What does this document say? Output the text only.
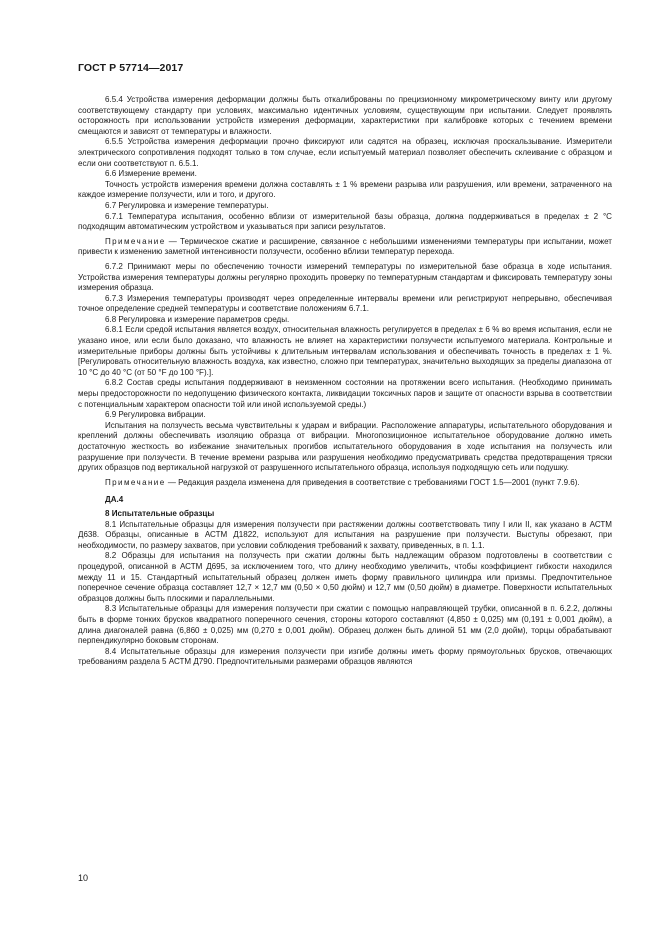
ГОСТ Р 57714—2017

6.5.4 Устройства измерения деформации должны быть откалиброваны по прецизионному микрометрическому винту или другому соответствующему стандарту при условиях, максимально идентичных условиям, существующим при испытании. Следует проявлять осторожность при использовании устройств измерения деформации, характеристики при калибровке которых с течением времени смещаются и зависят от температуры и влажности.

6.5.5 Устройства измерения деформации прочно фиксируют или садятся на образец, исключая проскальзывание. Измерители электрического сопротивления подходят только в том случае, если испытуемый материал позволяет обеспечить склеивание с образцом и если они соответствуют п. 6.5.1.

6.6 Измерение времени.

Точность устройств измерения времени должна составлять ± 1 % времени разрыва или разрушения, или времени, затраченного на каждое измерение ползучести, или и того, и другого.

6.7 Регулировка и измерение температуры.

6.7.1 Температура испытания, особенно вблизи от измерительной базы образца, должна поддерживаться в пределах ± 2 °C подходящим автоматическим устройством и указываться при записи результатов.

Примечание — Термическое сжатие и расширение, связанное с небольшими изменениями температуры при испытании, может привести к изменению заметной интенсивности ползучести, особенно вблизи температур перехода.

6.7.2 Принимают меры по обеспечению точности измерений температуры по измерительной базе образца в ходе испытания. Устройства измерения температуры должны регулярно проходить проверку по температурным стандартам и фиксировать температуру зоны измерения образца.

6.7.3 Измерения температуры производят через определенные интервалы времени или регистрируют непрерывно, обеспечивая точное определение средней температуры и соответствие положениям 6.7.1.

6.8 Регулировка и измерение параметров среды.

6.8.1 Если средой испытания является воздух, относительная влажность регулируется в пределах ± 6 % во время испытания, если не указано иное, или если было доказано, что влажность не влияет на характеристики ползучести испытуемого материала. Контрольные и измерительные приборы должны быть устойчивы к длительным интервалам использования и обеспечивать точность в пределах ± 1 %. [Регулировать относительную влажность воздуха, как известно, сложно при температурах, значительно выходящих за пределы диапазона от 10 °C до 40 °C (от 50 °F до 100 °F).].

6.8.2 Состав среды испытания поддерживают в неизменном состоянии на протяжении всего испытания. (Необходимо принимать меры предосторожности по недопущению физического контакта, ликвидации токсичных паров и защите от опасности взрыва в соответствии с потенциальным характером опасности той или иной используемой среды.)

6.9 Регулировка вибрации.

Испытания на ползучесть весьма чувствительны к ударам и вибрации. Расположение аппаратуры, испытательного оборудования и креплений должны обеспечивать изоляцию образца от вибрации. Многопозиционное испытательное оборудование должно иметь достаточную жесткость во избежание значительных прогибов испытательного оборудования в ходе испытания на ползучесть или разрушение при ползучести. В течение времени разрыва или разрушения необходимо предусматривать средства предотвращения тряски других образцов под вертикальной нагрузкой от разрушенного испытательного образца, используя подходящую сеть или подушку.

Примечание — Редакция раздела изменена для приведения в соответствие с требованиями ГОСТ 1.5—2001 (пункт 7.9.6).

ДА.4

8 Испытательные образцы

8.1 Испытательные образцы для измерения ползучести при растяжении должны соответствовать типу I или II, как указано в АСТМ Д638. Образцы, описанные в АСТМ Д1822, используют для испытания на разрушение при ползучести. Выступы обрезают, при необходимости, по размеру захватов, при условии соблюдения требований к захвату, приведенных, в п. 1.1.

8.2 Образцы для испытания на ползучесть при сжатии должны быть надлежащим образом подготовлены в соответствии с процедурой, описанной в АСТМ Д695, за исключением того, что длину необходимо увеличить, чтобы коэффициент гибкости находился между 11 и 15. Стандартный испытательный образец должен иметь форму правильного цилиндра или призмы. Предпочтительное поперечное сечение образца составляет 12,7 × 12,7 мм (0,50 × 0,50 дюйм) и 12,7 мм (0,50 дюйм) в диаметре. Поверхности испытательных образцов должны быть плоскими и параллельными.

8.3 Испытательные образцы для измерения ползучести при сжатии с помощью направляющей трубки, описанной в п. 6.2.2, должны быть в форме тонких брусков квадратного поперечного сечения, стороны которого составляют (4,850 ± 0,025) мм (0,191 ± 0,001 дюйм), а длина диагоналей равна (6,860 ± 0,025) мм (0,270 ± 0,001 дюйм). Образец должен быть длиной 51 мм (2,0 дюйм), торцы обрабатывают перпендикулярно боковым сторонам.

8.4 Испытательные образцы для измерения ползучести при изгибе должны иметь форму прямоугольных брусков, отвечающих требованиям раздела 5 АСТМ Д790. Предпочтительными размерами образцов являются

10
